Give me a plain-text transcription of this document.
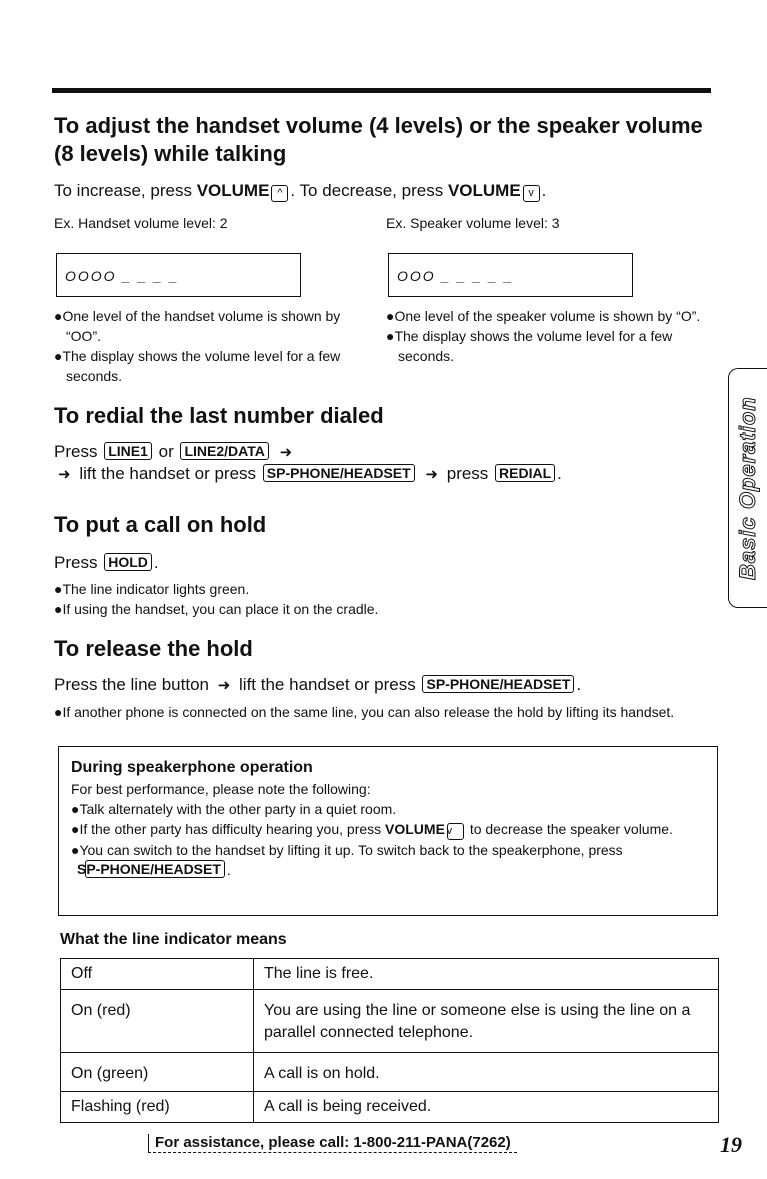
To adjust the handset volume (4 levels) or the speaker volume (8 levels) while talking
To increase, press VOLUME ^ . To decrease, press VOLUME v .
Ex. Handset volume level: 2	Ex. Speaker volume level: 3
OOOO _ _ _ _	OOO _ _ _ _ _
●One level of the handset volume is shown by “OO”.
●The display shows the volume level for a few seconds.
●One level of the speaker volume is shown by “O”.
●The display shows the volume level for a few seconds.
To redial the last number dialed
Press LINE1 or LINE2/DATA ➜
➜ lift the handset or press SP-PHONE/HEADSET ➜ press REDIAL .
To put a call on hold
Press HOLD .
●The line indicator lights green.
●If using the handset, you can place it on the cradle.
To release the hold
Press the line button ➜ lift the handset or press SP-PHONE/HEADSET .
●If another phone is connected on the same line, you can also release the hold by lifting its handset.
Basic Operation
During speakerphone operation
For best performance, please note the following:
●Talk alternately with the other party in a quiet room.
●If the other party has difficulty hearing you, press VOLUME v to decrease the speaker volume.
●You can switch to the handset by lifting it up. To switch back to the speakerphone, press SP-PHONE/HEADSET .
What the line indicator means
Off	The line is free.
On (red)	You are using the line or someone else is using the line on a parallel connected telephone.
On (green)	A call is on hold.
Flashing (red)	A call is being received.
For assistance, please call: 1-800-211-PANA(7262)	19
